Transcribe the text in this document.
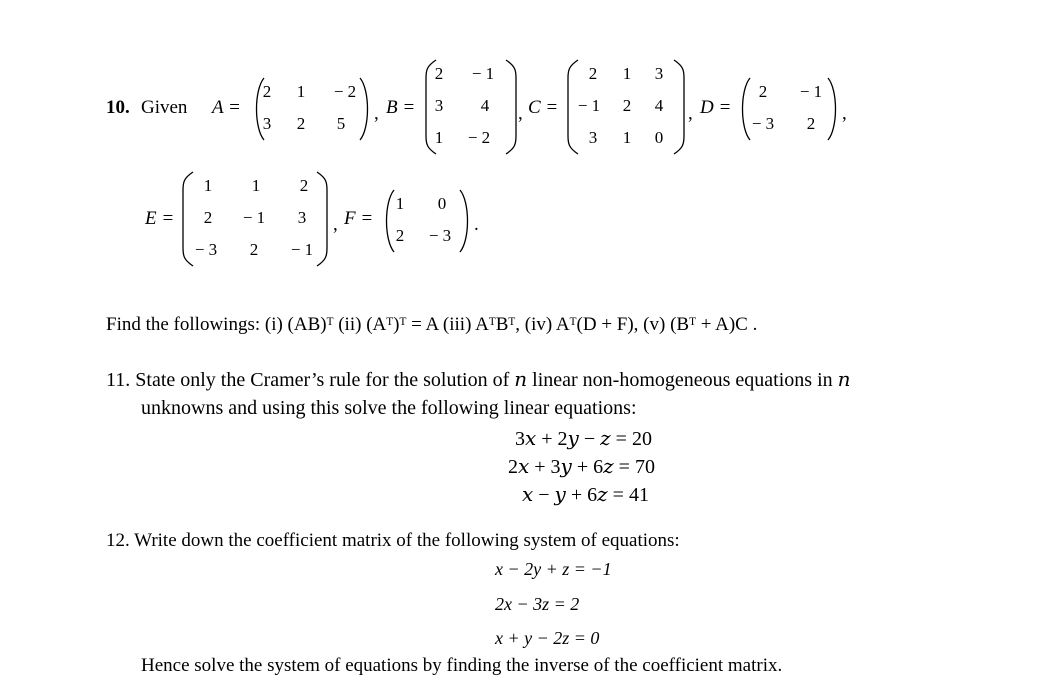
10. Given A =
2	1	− 2
3	2	5	, B =
2	− 1
3	4
1	− 2
, C =
2	1	3
− 1	2	4
3	1	0
, D =
2	− 1
− 3	2	,
E =
1	1	2
2	− 1	3
− 3	2	− 1
, F =
1	0
2	− 3
.
Find the followings: (i) (AB)ᵀ (ii) (Aᵀ)ᵀ = A (iii) AᵀBᵀ, (iv) Aᵀ(D + F), (v) (Bᵀ + A)C .
11. State only the Cramer’s rule for the solution of 𝑛 linear non-homogeneous equations in 𝑛
unknowns and using this solve the following linear equations:
3𝑥 + 2𝑦 − 𝑧 = 20
2𝑥 + 3𝑦 + 6𝑧 = 70
𝑥 − 𝑦 + 6𝑧 = 41
12. Write down the coefficient matrix of the following system of equations:
x − 2y + z = −1
2x − 3z = 2
x + y − 2z = 0
Hence solve the system of equations by finding the inverse of the coefficient matrix.
